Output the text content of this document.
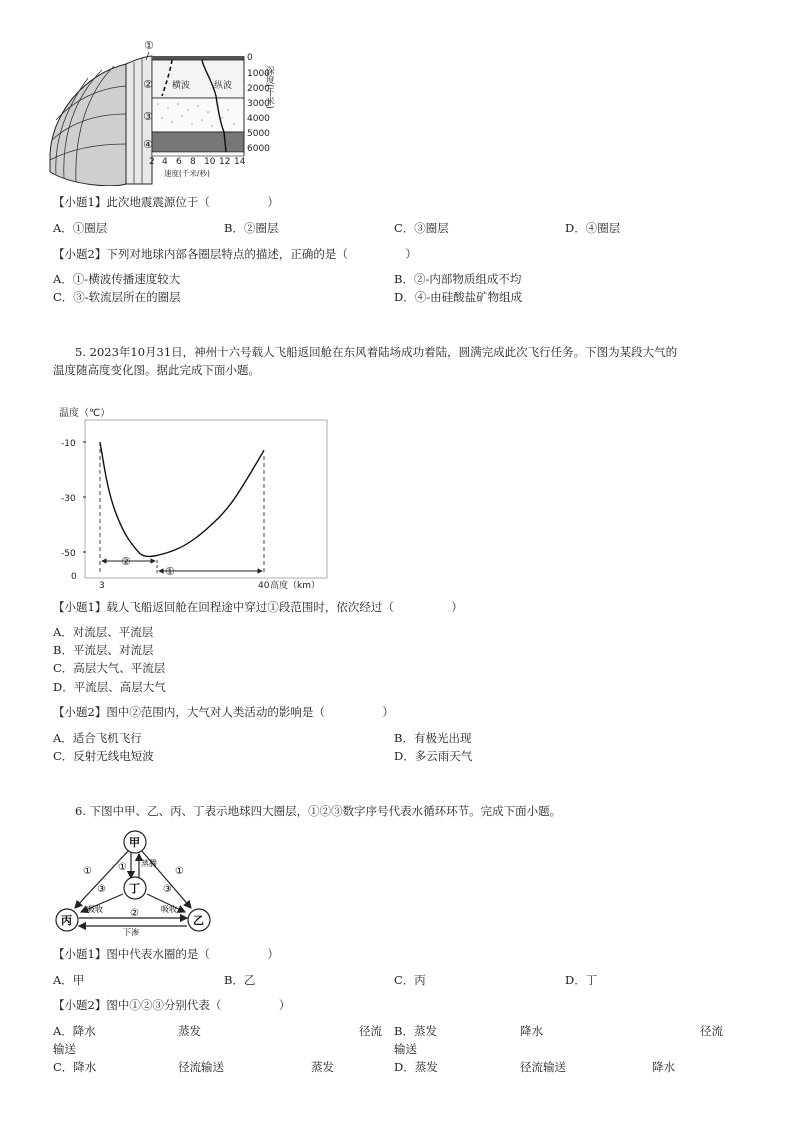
0
1000
2000
3000
4000
5000
6000
深度(千米)
2 4 6 8 10 12 14
速度(千米/秒)
横波	纵波
①
②
③
④
【小题1】此次地震震源位于（　　　　　）
A．①圈层	B．②圈层	C．③圈层	D．④圈层
【小题2】下列对地球内部各圈层特点的描述，正确的是（　　　　　）
A．①-横波传播速度较大	B．②-内部物质组成不均
C．③-软流层所在的圈层	D．④-由硅酸盐矿物组成
5. 2023年10月31日，神州十六号载人飞船返回舱在东风着陆场成功着陆，圆满完成此次飞行任务。下图为某段大气的
温度随高度变化图。据此完成下面小题。
温度（℃）
-10
-30
-50
0
3	40 高度（km）
②
①
【小题1】载人飞船返回舱在回程途中穿过①段范围时，依次经过（　　　　　）
A．对流层、平流层
B．平流层、对流层
C．高层大气、平流层
D．平流层、高层大气
【小题2】图中②范围内，大气对人类活动的影响是（　　　　　）
A．适合飞机飞行	B．有极光出现
C．反射无线电短波	D．多云雨天气
6. 下图中甲、乙、丙、丁表示地球四大圈层，①②③数字序号代表水循环环节。完成下面小题。
甲
乙
丙
丁
蒸腾
吸收	吸收
下渗
①	①	①
②
③	③
【小题1】图中代表水圈的是（　　　　　）
A．甲	B．乙	C．丙	D．丁
【小题2】图中①②③分别代表（　　　　　）
A．降水	蒸发	径流
输送
B．蒸发	降水	径流
输送
C．降水	径流输送	蒸发	D．蒸发	径流输送	降水
